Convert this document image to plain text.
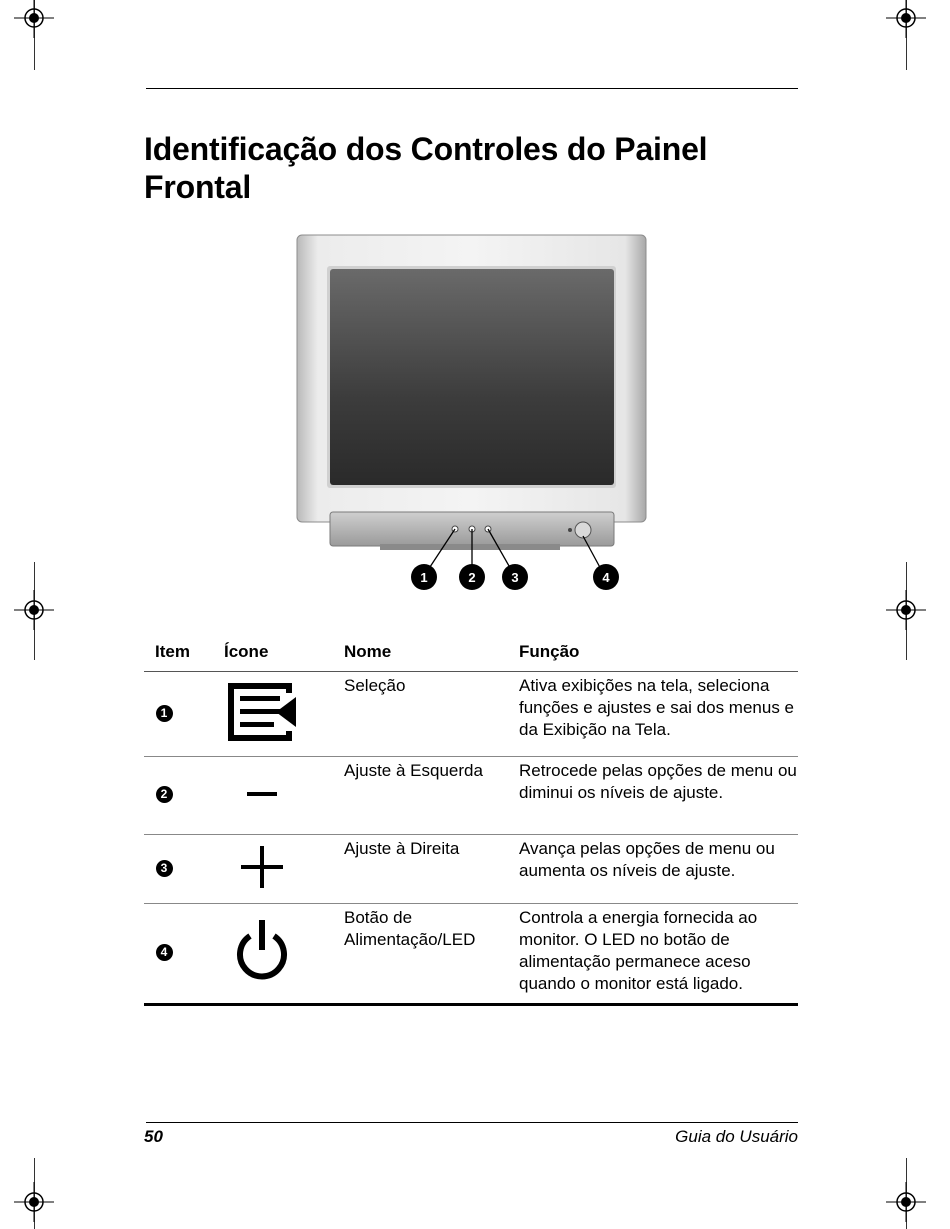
Identificação dos Controles do Painel Frontal
1	2	3	4
Item	Ícone	Nome	Função
1		Seleção	Ativa exibições na tela, seleciona funções e ajustes e sai dos menus e da Exibição na Tela.
2		Ajuste à Esquerda	Retrocede pelas opções de menu ou diminui os níveis de ajuste.
3		Ajuste à Direita	Avança pelas opções de menu ou aumenta os níveis de ajuste.
4		Botão de Alimentação/LED	Controla a energia fornecida ao monitor. O LED no botão de alimentação permanece aceso quando o monitor está ligado.
50	Guia do Usuário
